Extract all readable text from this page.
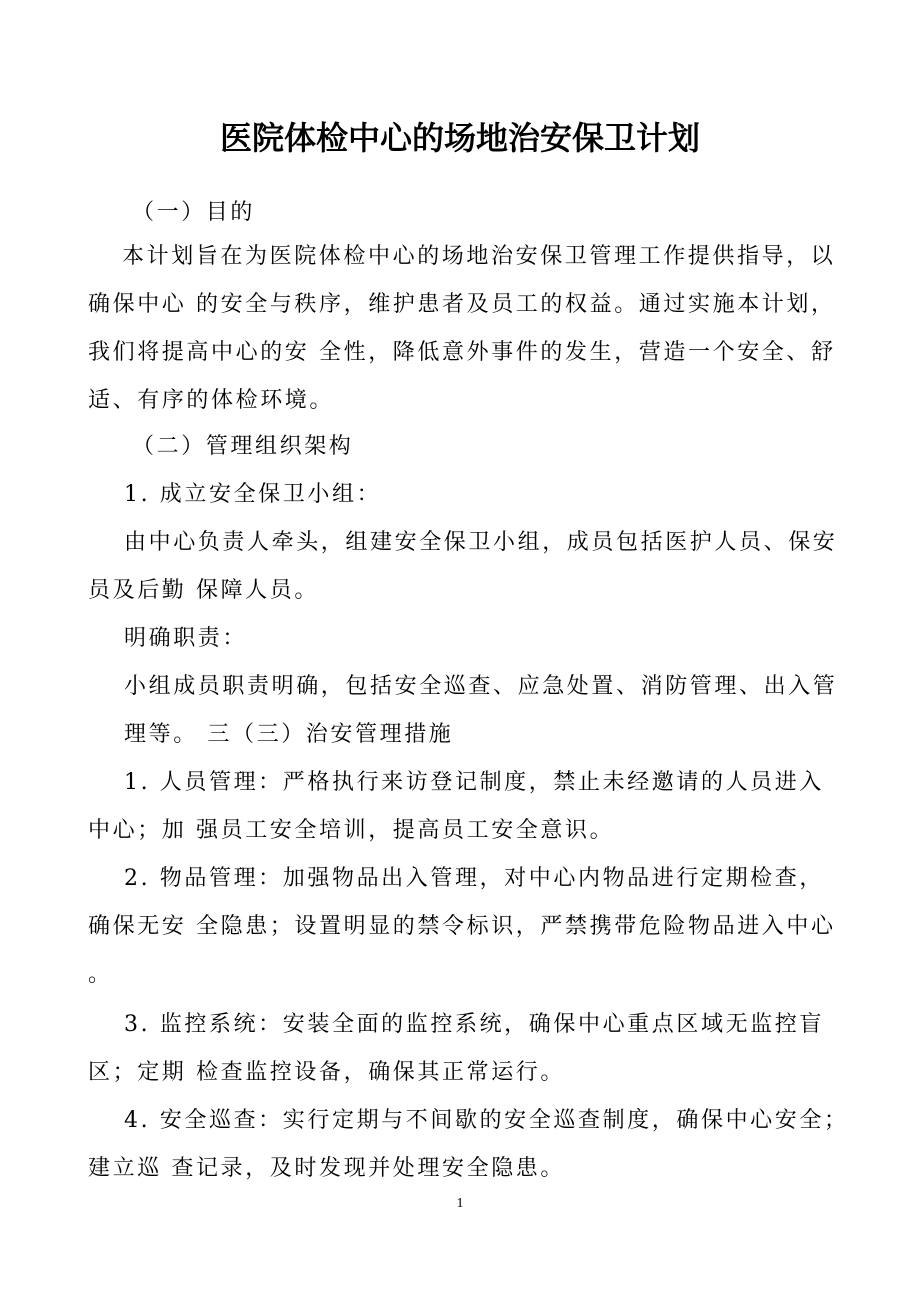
医院体检中心的场地治安保卫计划
（一）目的
本计划旨在为医院体检中心的场地治安保卫管理工作提供指导，以
确保中心 的安全与秩序，维护患者及员工的权益。通过实施本计划，
我们将提高中心的安 全性，降低意外事件的发生，营造一个安全、舒
适、有序的体检环境。
（二）管理组织架构
1. 成立安全保卫小组：
由中心负责人牵头，组建安全保卫小组，成员包括医护人员、保安
员及后勤 保障人员。
明确职责：
小组成员职责明确，包括安全巡查、应急处置、消防管理、出入管
理等。 三（三）治安管理措施
1. 人员管理：严格执行来访登记制度，禁止未经邀请的人员进入
中心；加 强员工安全培训，提高员工安全意识。
2. 物品管理：加强物品出入管理，对中心内物品进行定期检查，
确保无安 全隐患；设置明显的禁令标识，严禁携带危险物品进入中心
。
3. 监控系统：安装全面的监控系统，确保中心重点区域无监控盲
区；定期 检查监控设备，确保其正常运行。
4. 安全巡查：实行定期与不间歇的安全巡查制度，确保中心安全；
建立巡 查记录，及时发现并处理安全隐患。
1
